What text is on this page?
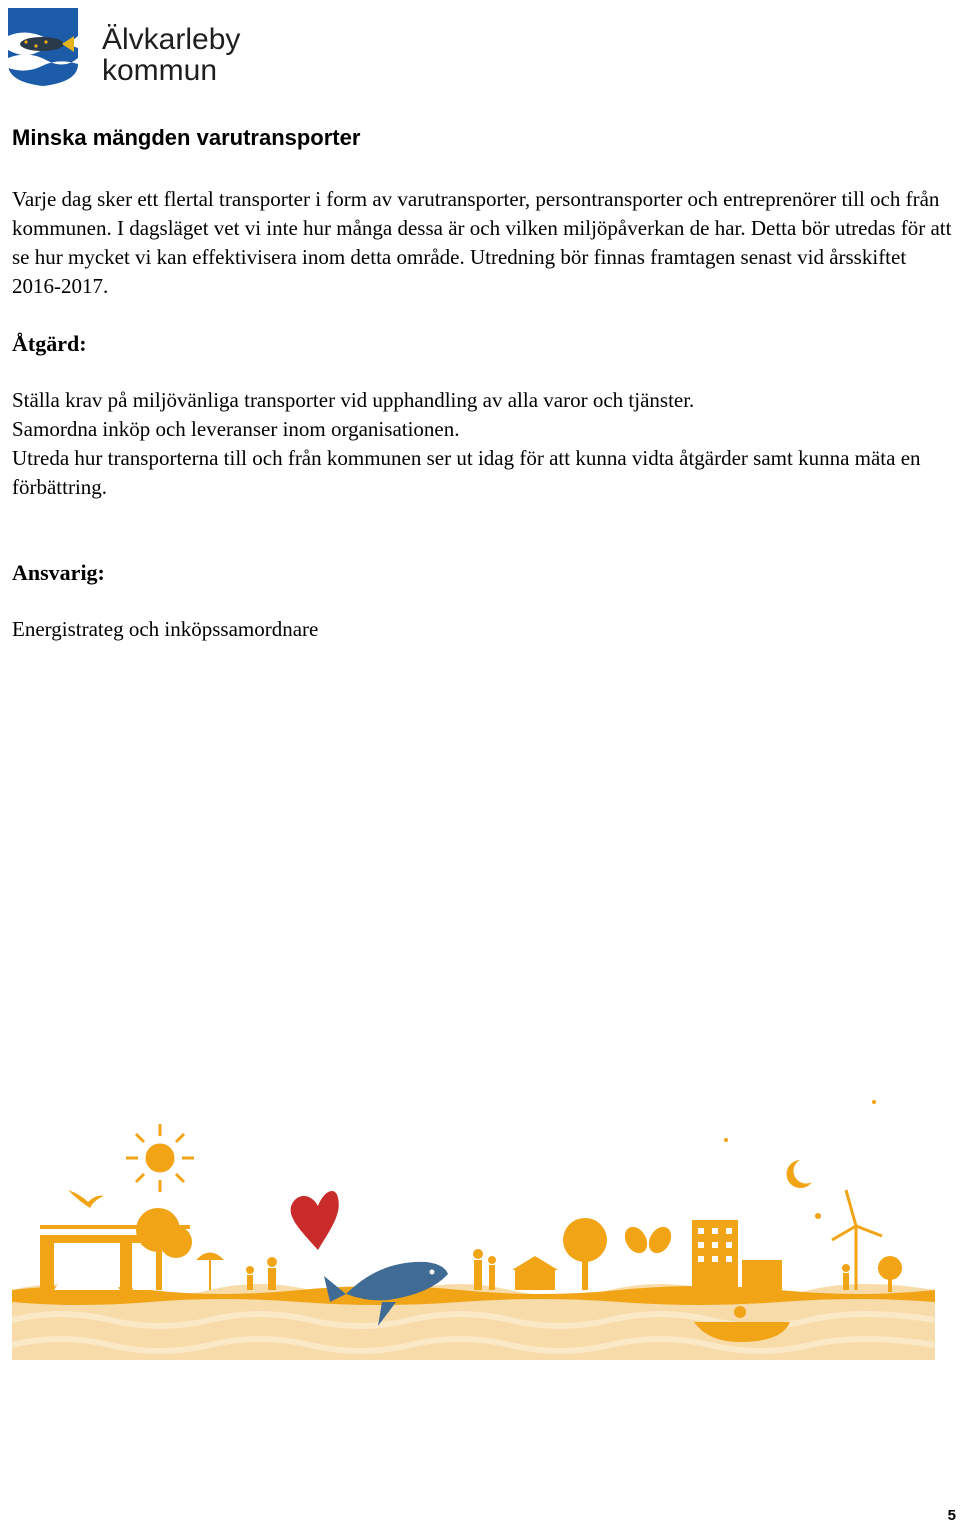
Älvkarleby
kommun
Minska mängden varutransporter

Varje dag sker ett flertal transporter i form av varutransporter, persontransporter och entreprenörer till och från kommunen. I dagsläget vet vi inte hur många dessa är och vilken miljöpåverkan de har. Detta bör utredas för att se hur mycket vi kan effektivisera inom detta område. Utredning bör finnas framtagen senast vid årsskiftet 2016-2017.

Åtgärd:

Ställa krav på miljövänliga transporter vid upphandling av alla varor och tjänster.

Samordna inköp och leveranser inom organisationen.

Utreda hur transporterna till och från kommunen ser ut idag för att kunna vidta åtgärder samt kunna mäta en förbättring.

Ansvarig:
Energistrateg och inköpssamordnare
5
